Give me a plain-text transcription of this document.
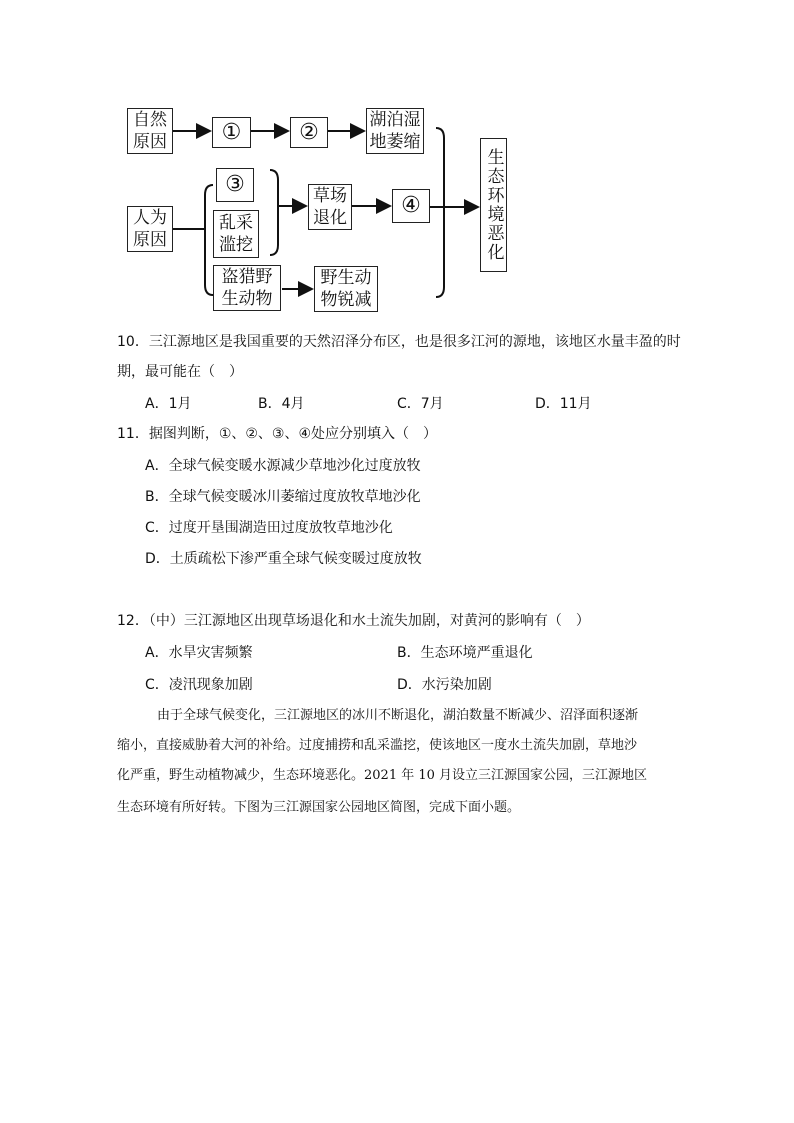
自然
原因	①	②	湖泊湿
地萎缩
人为
原因
③
乱采
滥挖
盗猎野
生动物
草场
退化	④
野生动
物锐减
生态环境恶化
10．三江源地区是我国重要的天然沼泽分布区，也是很多江河的源地，该地区水量丰盈的时
期，最可能在（　）
A．1月	B．4月	C．7月	D．11月
11．据图判断，①、②、③、④处应分别填入（　）
A．全球气候变暖水源减少草地沙化过度放牧
B．全球气候变暖冰川萎缩过度放牧草地沙化
C．过度开垦围湖造田过度放牧草地沙化
D．土质疏松下渗严重全球气候变暖过度放牧
12．（中）三江源地区出现草场退化和水土流失加剧，对黄河的影响有（　）
A．水旱灾害频繁	B．生态环境严重退化
C．凌汛现象加剧	D．水污染加剧
由于全球气候变化，三江源地区的冰川不断退化，湖泊数量不断减少、沼泽面积逐渐
缩小，直接威胁着大河的补给。过度捕捞和乱采滥挖，使该地区一度水土流失加剧，草地沙
化严重，野生动植物减少，生态环境恶化。2021 年 10 月设立三江源国家公园，三江源地区
生态环境有所好转。下图为三江源国家公园地区简图，完成下面小题。
